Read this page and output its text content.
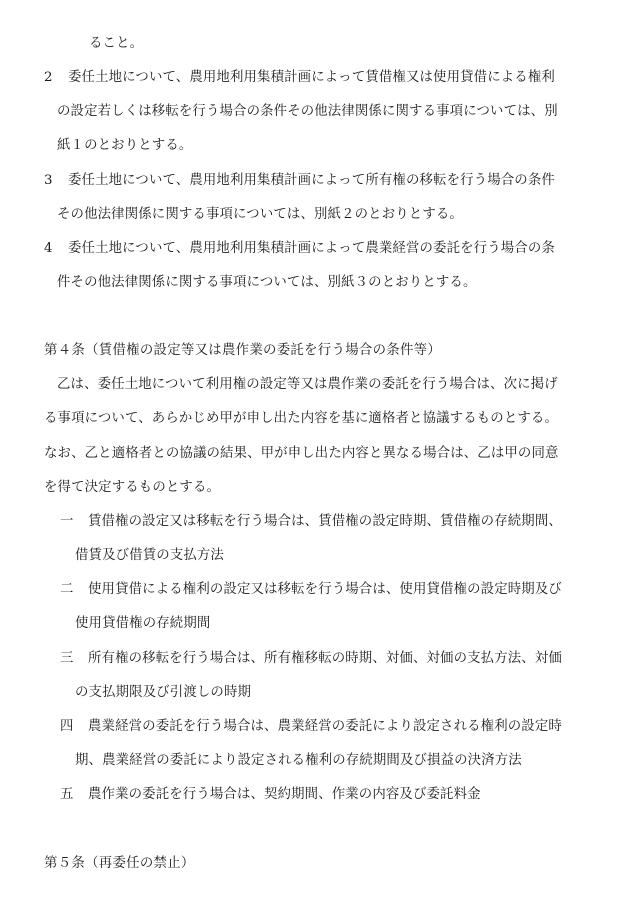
ること。
2 委任土地について、農用地利用集積計画によって賃借権又は使用貸借による権利
の設定若しくは移転を行う場合の条件その他法律関係に関する事項については、別
紙１のとおりとする。
3 委任土地について、農用地利用集積計画によって所有権の移転を行う場合の条件
その他法律関係に関する事項については、別紙２のとおりとする。
4 委任土地について、農用地利用集積計画によって農業経営の委託を行う場合の条
件その他法律関係に関する事項については、別紙３のとおりとする。
第４条（賃借権の設定等又は農作業の委託を行う場合の条件等）
乙は、委任土地について利用権の設定等又は農作業の委託を行う場合は、次に掲げ
る事項について、あらかじめ甲が申し出た内容を基に適格者と協議するものとする。
なお、乙と適格者との協議の結果、甲が申し出た内容と異なる場合は、乙は甲の同意
を得て決定するものとする。
一 賃借権の設定又は移転を行う場合は、賃借権の設定時期、賃借権の存続期間、
借賃及び借賃の支払方法
二 使用貸借による権利の設定又は移転を行う場合は、使用貸借権の設定時期及び
使用貸借権の存続期間
三 所有権の移転を行う場合は、所有権移転の時期、対価、対価の支払方法、対価
の支払期限及び引渡しの時期
四 農業経営の委託を行う場合は、農業経営の委託により設定される権利の設定時
期、農業経営の委託により設定される権利の存続期間及び損益の決済方法
五 農作業の委託を行う場合は、契約期間、作業の内容及び委託料金
第５条（再委任の禁止）
